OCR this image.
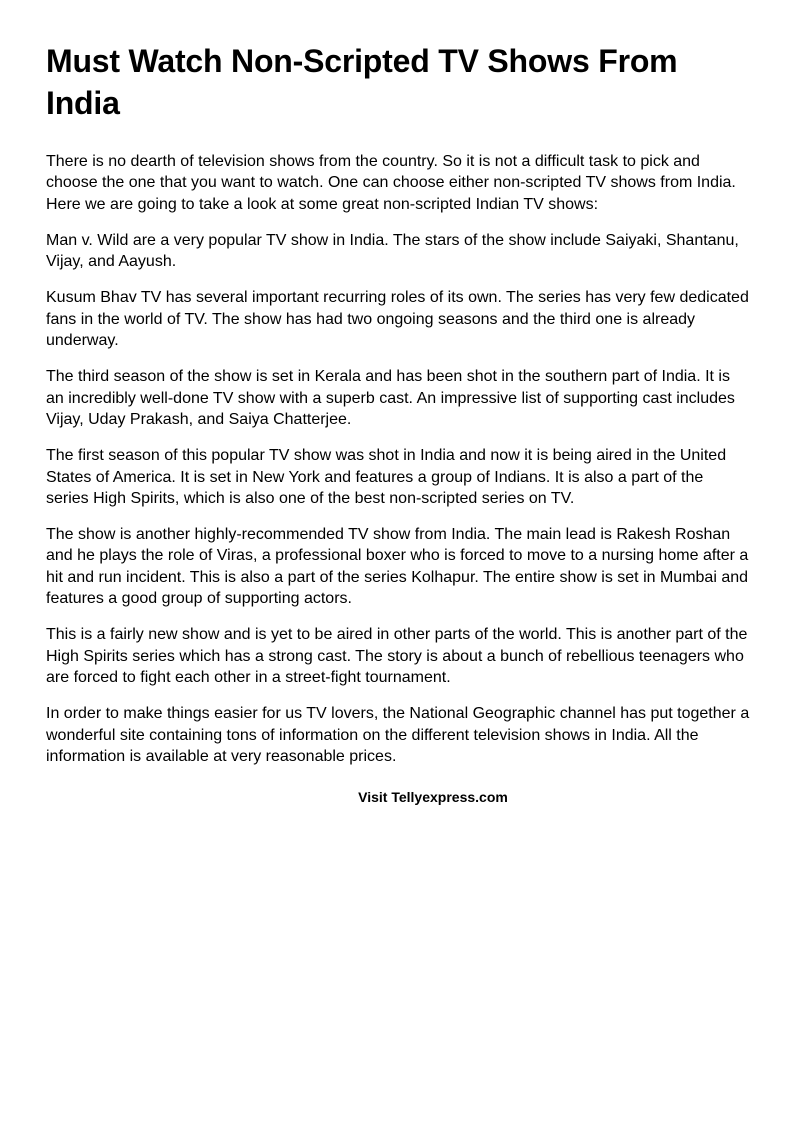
Must Watch Non-Scripted TV Shows From India

There is no dearth of television shows from the country. So it is not a difficult task to pick and choose the one that you want to watch. One can choose either non-scripted TV shows from India. Here we are going to take a look at some great non-scripted Indian TV shows:

Man v. Wild are a very popular TV show in India. The stars of the show include Saiyaki, Shantanu, Vijay, and Aayush.

Kusum Bhav TV has several important recurring roles of its own. The series has very few dedicated fans in the world of TV. The show has had two ongoing seasons and the third one is already underway.

The third season of the show is set in Kerala and has been shot in the southern part of India. It is an incredibly well-done TV show with a superb cast. An impressive list of supporting cast includes Vijay, Uday Prakash, and Saiya Chatterjee.

The first season of this popular TV show was shot in India and now it is being aired in the United States of America. It is set in New York and features a group of Indians. It is also a part of the series High Spirits, which is also one of the best non-scripted series on TV.

The show is another highly-recommended TV show from India. The main lead is Rakesh Roshan and he plays the role of Viras, a professional boxer who is forced to move to a nursing home after a hit and run incident. This is also a part of the series Kolhapur. The entire show is set in Mumbai and features a good group of supporting actors.

This is a fairly new show and is yet to be aired in other parts of the world. This is another part of the High Spirits series which has a strong cast. The story is about a bunch of rebellious teenagers who are forced to fight each other in a street-fight tournament.

In order to make things easier for us TV lovers, the National Geographic channel has put together a wonderful site containing tons of information on the different television shows in India. All the information is available at very reasonable prices.

Visit Tellyexpress.com
